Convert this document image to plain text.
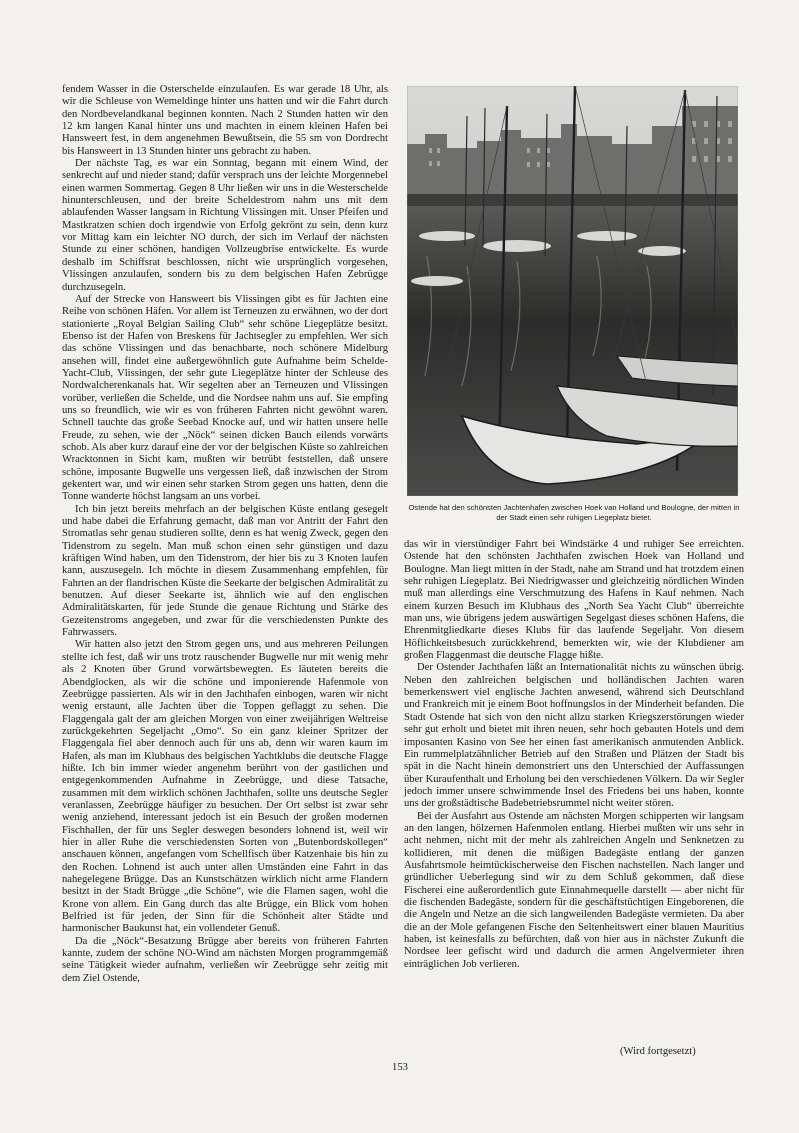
fendem Wasser in die Osterschelde einzulaufen. Es war gerade 18 Uhr, als wir die Schleuse von Wemeldinge hinter uns hatten und wir die Fahrt durch den Nordbevelandkanal beginnen konnten. Nach 2 Stunden hatten wir den 12 km langen Kanal hinter uns und machten in einem kleinen Hafen bei Hansweert fest, in dem angenehmen Bewußtsein, die 55 sm von Dordrecht bis Hansweert in 13 Stunden hinter uns gebracht zu haben.

Der nächste Tag, es war ein Sonntag, begann mit einem Wind, der senkrecht auf und nieder stand; dafür versprach uns der leichte Morgennebel einen warmen Sommertag. Gegen 8 Uhr ließen wir uns in die Westerschelde hinunterschleusen, und der breite Scheldestrom nahm uns mit dem ablaufenden Wasser langsam in Richtung Vlissingen mit. Unser Pfeifen und Mastkratzen schien doch irgendwie von Erfolg gekrönt zu sein, denn kurz vor Mittag kam ein leichter NO durch, der sich im Verlauf der nächsten Stunde zu einer schönen, handigen Vollzeugbrise entwickelte. Es wurde deshalb im Schiffsrat beschlossen, nicht wie ursprünglich vorgesehen, Vlissingen anzulaufen, sondern bis zu dem belgischen Hafen Zebrügge durchzusegeln.

Auf der Strecke von Hansweert bis Vlissingen gibt es für Jachten eine Reihe von schönen Häfen. Vor allem ist Terneuzen zu erwähnen, wo der dort stationierte „Royal Belgian Sailing Club“ sehr schöne Liegeplätze besitzt. Ebenso ist der Hafen von Breskens für Jachtsegler zu empfehlen. Wer sich das schöne Vlissingen und das benachbarte, noch schönere Midelburg ansehen will, findet eine außergewöhnlich gute Aufnahme beim Schelde-Yacht-Club, Vlissingen, der sehr gute Liegeplätze hinter der Schleuse des Nordwalcherenkanals hat. Wir segelten aber an Terneuzen und Vlissingen vorüber, verließen die Schelde, und die Nordsee nahm uns auf. Sie empfing uns so freundlich, wie wir es von früheren Fahrten nicht gewöhnt waren. Schnell tauchte das große Seebad Knocke auf, und wir hatten unsere helle Freude, zu sehen, wie der „Nöck“ seinen dicken Bauch eilends vorwärts schob. Als aber kurz darauf eine der vor der belgischen Küste so zahlreichen Wracktonnen in Sicht kam, mußten wir betrübt feststellen, daß unsere schöne, imposante Bugwelle uns vergessen ließ, daß inzwischen der Strom gekentert war, und wir einen sehr starken Strom gegen uns hatten, denn die Tonne wanderte höchst langsam an uns vorbei.

Ich bin jetzt bereits mehrfach an der belgischen Küste entlang gesegelt und habe dabei die Erfahrung gemacht, daß man vor Antritt der Fahrt den Stromatlas sehr genau studieren sollte, denn es hat wenig Zweck, gegen den Tidenstrom zu segeln. Man muß schon einen sehr günstigen und dazu kräftigen Wind haben, um den Tidenstrom, der hier bis zu 3 Knoten laufen kann, auszusegeln. Ich möchte in diesem Zusammenhang empfehlen, für Fahrten an der flandrischen Küste die Seekarte der belgischen Admiralität zu benutzen. Auf dieser Seekarte ist, ähnlich wie auf den englischen Admiralitätskarten, für jede Stunde die genaue Richtung und Stärke des Gezeitenstroms angegeben, und zwar für die verschiedensten Punkte des Fahrwassers.

Wir hatten also jetzt den Strom gegen uns, und aus mehreren Peilungen stellte ich fest, daß wir uns trotz rauschender Bugwelle nur mit wenig mehr als 2 Knoten über Grund vorwärtsbewegten. Es läuteten bereits die Abendglocken, als wir die schöne und imponierende Hafenmole von Zeebrügge passierten. Als wir in den Jachthafen einbogen, waren wir nicht wenig erstaunt, alle Jachten über die Toppen geflaggt zu sehen. Die Flaggengala galt der am gleichen Morgen von einer zweijährigen Weltreise zurückgekehrten Segeljacht „Omo“. So ein ganz kleiner Spritzer der Flaggengala fiel aber dennoch auch für uns ab, denn wir waren kaum im Hafen, als man im Klubhaus des belgischen Yachtklubs die deutsche Flagge hißte. Ich bin immer wieder angenehm berührt von der gastlichen und entgegenkommenden Aufnahme in Zeebrügge, und diese Tatsache, zusammen mit dem wirklich schönen Jachthafen, sollte uns deutsche Segler veranlassen, Zeebrügge häufiger zu besuchen. Der Ort selbst ist zwar sehr wenig anziehend, interessant jedoch ist ein Besuch der großen modernen Fischhallen, der für uns Segler deswegen besonders lohnend ist, weil wir hier in aller Ruhe die verschiedensten Sorten von „Butenbordskollegen“ anschauen können, angefangen vom Schellfisch über Katzenhaie bis hin zu den Rochen. Lohnend ist auch unter allen Umständen eine Fahrt in das nahegelegene Brügge. Das an Kunstschätzen wirklich nicht arme Flandern besitzt in der Stadt Brügge „die Schöne“, wie die Flamen sagen, wohl die Krone von allem. Ein Gang durch das alte Brügge, ein Blick vom hohen Belfried ist für jeden, der Sinn für die Schönheit alter Städte und harmonischer Baukunst hat, ein vollendeter Genuß.

Da die „Nöck“-Besatzung Brügge aber bereits von früheren Fahrten kannte, zudem der schöne NO-Wind am nächsten Morgen programmgemäß seine Tätigkeit wieder aufnahm, verließen wir Zeebrügge sehr zeitig mit dem Ziel Ostende,

Ostende hat den schönsten Jachtenhafen zwischen Hoek van Holland und Boulogne, der mitten in der Stadt einen sehr ruhigen Liegeplatz bietet.

das wir in vierstündiger Fahrt bei Windstärke 4 und ruhiger See erreichten. Ostende hat den schönsten Jachthafen zwischen Hoek van Holland und Boulogne. Man liegt mitten in der Stadt, nahe am Strand und hat trotzdem einen sehr ruhigen Liegeplatz. Bei Niedrigwasser und gleichzeitig nördlichen Winden muß man allerdings eine Verschmutzung des Hafens in Kauf nehmen. Nach einem kurzen Besuch im Klubhaus des „North Sea Yacht Club“ überreichte man uns, wie übrigens jedem auswärtigen Segelgast dieses schönen Hafens, die Ehrenmitgliedkarte dieses Klubs für das laufende Segeljahr. Von diesem Höflichkeitsbesuch zurückkehrend, bemerkten wir, wie der Klubdiener am großen Flaggenmast die deutsche Flagge hißte.

Der Ostender Jachthafen läßt an Internationalität nichts zu wünschen übrig. Neben den zahlreichen belgischen und holländischen Jachten waren bemerkenswert viel englische Jachten anwesend, während sich Deutschland und Frankreich mit je einem Boot hoffnungslos in der Minderheit befanden. Die Stadt Ostende hat sich von den nicht allzu starken Kriegszerstörungen wieder sehr gut erholt und bietet mit ihren neuen, sehr hoch gebauten Hotels und dem imposanten Kasino von See her einen fast amerikanisch anmutenden Anblick. Ein rummelplatzähnlicher Betrieb auf den Straßen und Plätzen der Stadt bis spät in die Nacht hinein demonstriert uns den Unterschied der Auffassungen über Kuraufenthalt und Erholung bei den verschiedenen Völkern. Da wir Segler jedoch immer unsere schwimmende Insel des Friedens bei uns haben, konnte uns der großstädtische Badebetriebsrummel nicht weiter stören.

Bei der Ausfahrt aus Ostende am nächsten Morgen schipperten wir langsam an den langen, hölzernen Hafenmolen entlang. Hierbei mußten wir uns sehr in acht nehmen, nicht mit der mehr als zahlreichen Angeln und Senknetzen zu kollidieren, mit denen die müßigen Badegäste entlang der ganzen Ausfahrtsmole heimtückischerweise den Fischen nachstellen. Nach langer und gründlicher Ueberlegung sind wir zu dem Schluß gekommen, daß diese Fischerei eine außerordentlich gute Einnahmequelle darstellt — aber nicht für die fischenden Badegäste, sondern für die geschäftstüchtigen Eingeborenen, die die Angeln und Netze an die sich langweilenden Badegäste vermieten. Da aber die an der Mole gefangenen Fische den Seltenheitswert einer blauen Mauritius haben, ist keinesfalls zu befürchten, daß von hier aus in nächster Zukunft die Nordsee leer gefischt wird und dadurch die armen Angelvermieter ihren einträglichen Job verlieren.

(Wird fortgesetzt)
153
